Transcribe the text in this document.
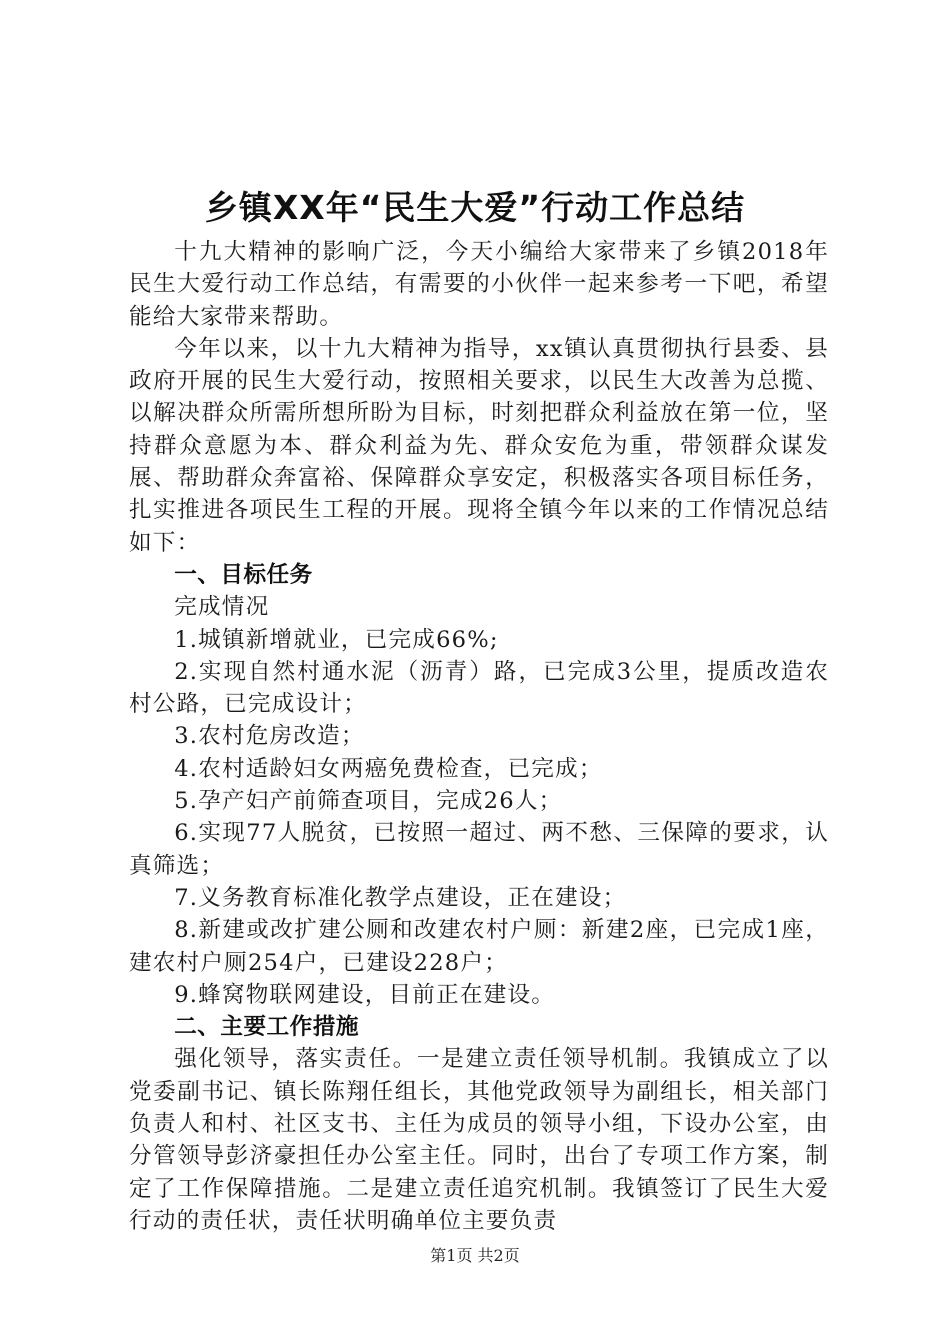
乡镇XX年“民生大爱”行动工作总结

十九大精神的影响广泛，今天小编给大家带来了乡镇2018年民生大爱行动工作总结，有需要的小伙伴一起来参考一下吧，希望能给大家带来帮助。

今年以来，以十九大精神为指导，xx镇认真贯彻执行县委、县政府开展的民生大爱行动，按照相关要求，以民生大改善为总揽、以解决群众所需所想所盼为目标，时刻把群众利益放在第一位，坚持群众意愿为本、群众利益为先、群众安危为重，带领群众谋发展、帮助群众奔富裕、保障群众享安定，积极落实各项目标任务，扎实推进各项民生工程的开展。现将全镇今年以来的工作情况总结如下：

一、目标任务

完成情况

1.城镇新增就业，已完成66%;

2.实现自然村通水泥（沥青）路，已完成3公里，提质改造农村公路，已完成设计；

3.农村危房改造；

4.农村适龄妇女两癌免费检查，已完成；

5.孕产妇产前筛查项目，完成26人；

6.实现77人脱贫，已按照一超过、两不愁、三保障的要求，认真筛选；

7.义务教育标准化教学点建设，正在建设；

8.新建或改扩建公厕和改建农村户厕：新建2座，已完成1座，建农村户厕254户，已建设228户；

9.蜂窝物联网建设，目前正在建设。

二、主要工作措施

强化领导，落实责任。一是建立责任领导机制。我镇成立了以党委副书记、镇长陈翔任组长，其他党政领导为副组长，相关部门负责人和村、社区支书、主任为成员的领导小组，下设办公室，由分管领导彭济豪担任办公室主任。同时，出台了专项工作方案，制定了工作保障措施。二是建立责任追究机制。我镇签订了民生大爱行动的责任状，责任状明确单位主要负责

第1页 共2页
